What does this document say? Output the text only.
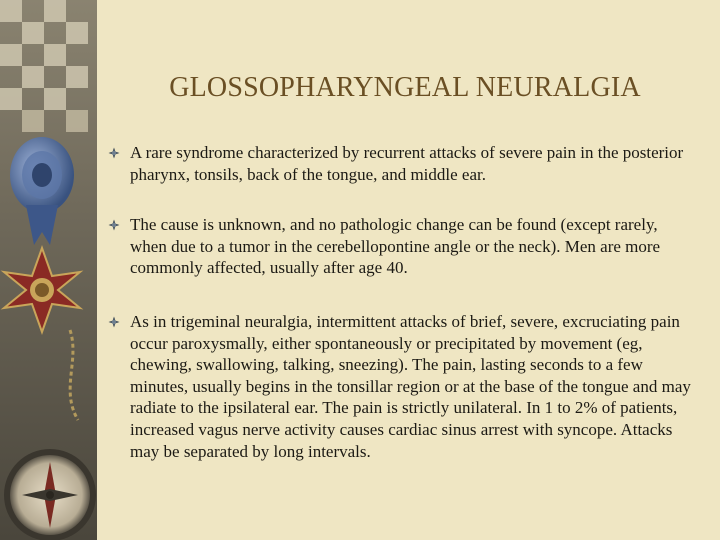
GLOSSOPHARYNGEAL NEURALGIA
A rare syndrome characterized by recurrent attacks of severe pain in the posterior pharynx, tonsils, back of the tongue, and middle ear.
The cause is unknown, and no pathologic change can be found (except rarely, when due to a tumor in the cerebellopontine angle or the neck). Men are more commonly affected, usually after age 40.
As in trigeminal neuralgia, intermittent attacks of brief, severe, excruciating pain occur paroxysmally, either spontaneously or precipitated by movement (eg, chewing, swallowing, talking, sneezing). The pain, lasting seconds to a few minutes, usually begins in the tonsillar region or at the base of the tongue and may radiate to the ipsilateral ear. The pain is strictly unilateral. In 1 to 2% of patients, increased vagus nerve activity causes cardiac sinus arrest with syncope. Attacks may be separated by long intervals.
